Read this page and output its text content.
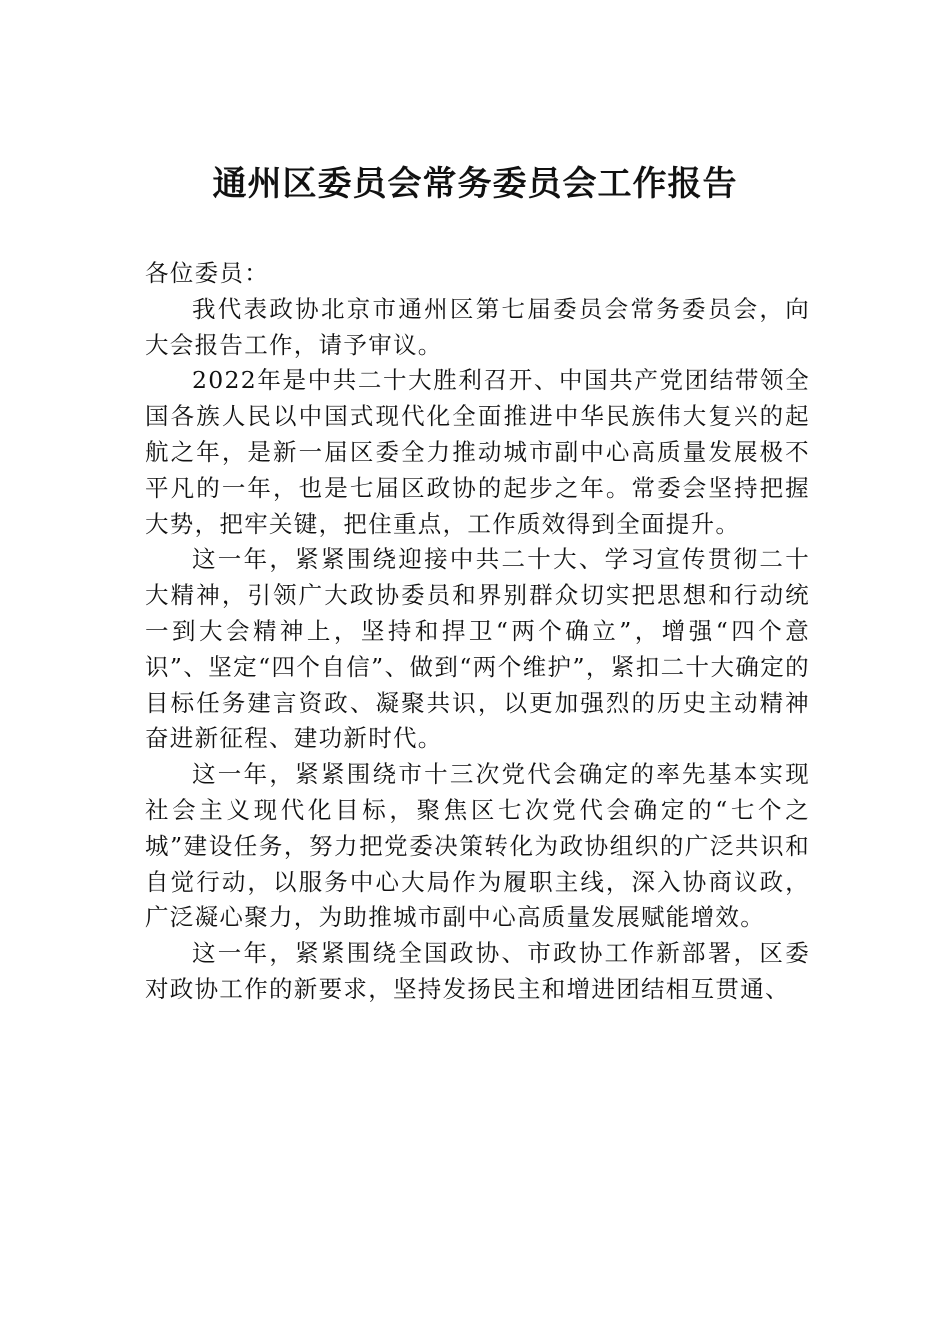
通州区委员会常务委员会工作报告

各位委员：

我代表政协北京市通州区第七届委员会常务委员会，向大会报告工作，请予审议。

2022年是中共二十大胜利召开、中国共产党团结带领全国各族人民以中国式现代化全面推进中华民族伟大复兴的起航之年，是新一届区委全力推动城市副中心高质量发展极不平凡的一年，也是七届区政协的起步之年。常委会坚持把握大势，把牢关键，把住重点，工作质效得到全面提升。

这一年，紧紧围绕迎接中共二十大、学习宣传贯彻二十大精神，引领广大政协委员和界别群众切实把思想和行动统一到大会精神上，坚持和捍卫“两个确立”，增强“四个意识”、坚定“四个自信”、做到“两个维护”，紧扣二十大确定的目标任务建言资政、凝聚共识，以更加强烈的历史主动精神奋进新征程、建功新时代。

这一年，紧紧围绕市十三次党代会确定的率先基本实现社会主义现代化目标，聚焦区七次党代会确定的“七个之城”建设任务，努力把党委决策转化为政协组织的广泛共识和自觉行动，以服务中心大局作为履职主线，深入协商议政，广泛凝心聚力，为助推城市副中心高质量发展赋能增效。

这一年，紧紧围绕全国政协、市政协工作新部署，区委对政协工作的新要求，坚持发扬民主和增进团结相互贯通、
